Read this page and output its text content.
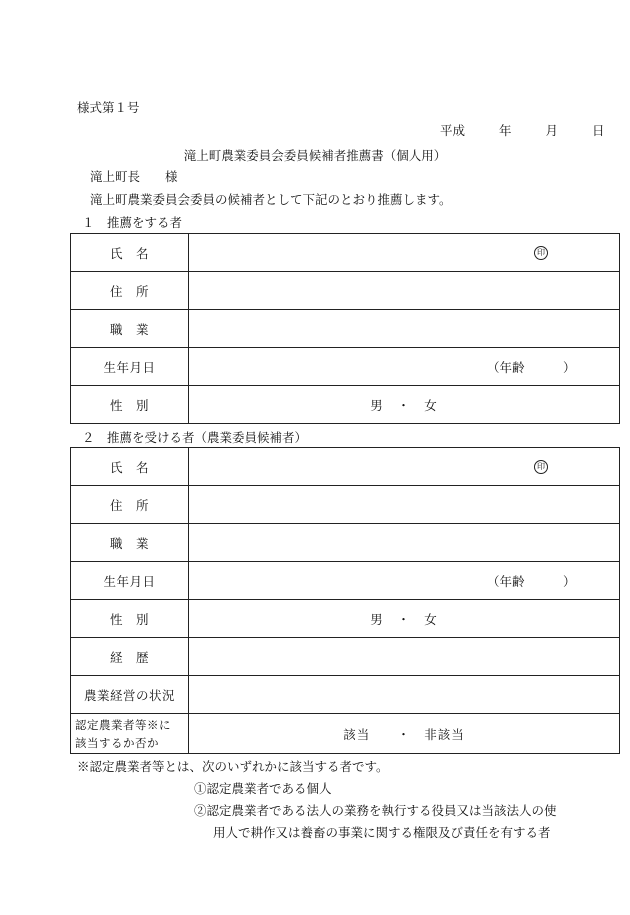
様式第１号
平成	年	月	日
滝上町農業委員会委員候補者推薦書（個人用）
滝上町長　　様
滝上町農業委員会委員の候補者として下記のとおり推薦します。
１　推薦をする者
氏　名	印

住　所	
職　業	
生年月日	（年齢 ）

性　別	男　・　女
２　推薦を受ける者（農業委員候補者）
氏　名	印

住　所	
職　業	
生年月日	（年齢 ）

性　別	男　・　女
経　歴	
農業経営の状況	

認定農業者等※に
該当するか否か	該当　　・　非該当
※認定農業者等とは、次のいずれかに該当する者です。
①認定農業者である個人
②認定農業者である法人の業務を執行する役員又は当該法人の使
用人で耕作又は養畜の事業に関する権限及び責任を有する者
